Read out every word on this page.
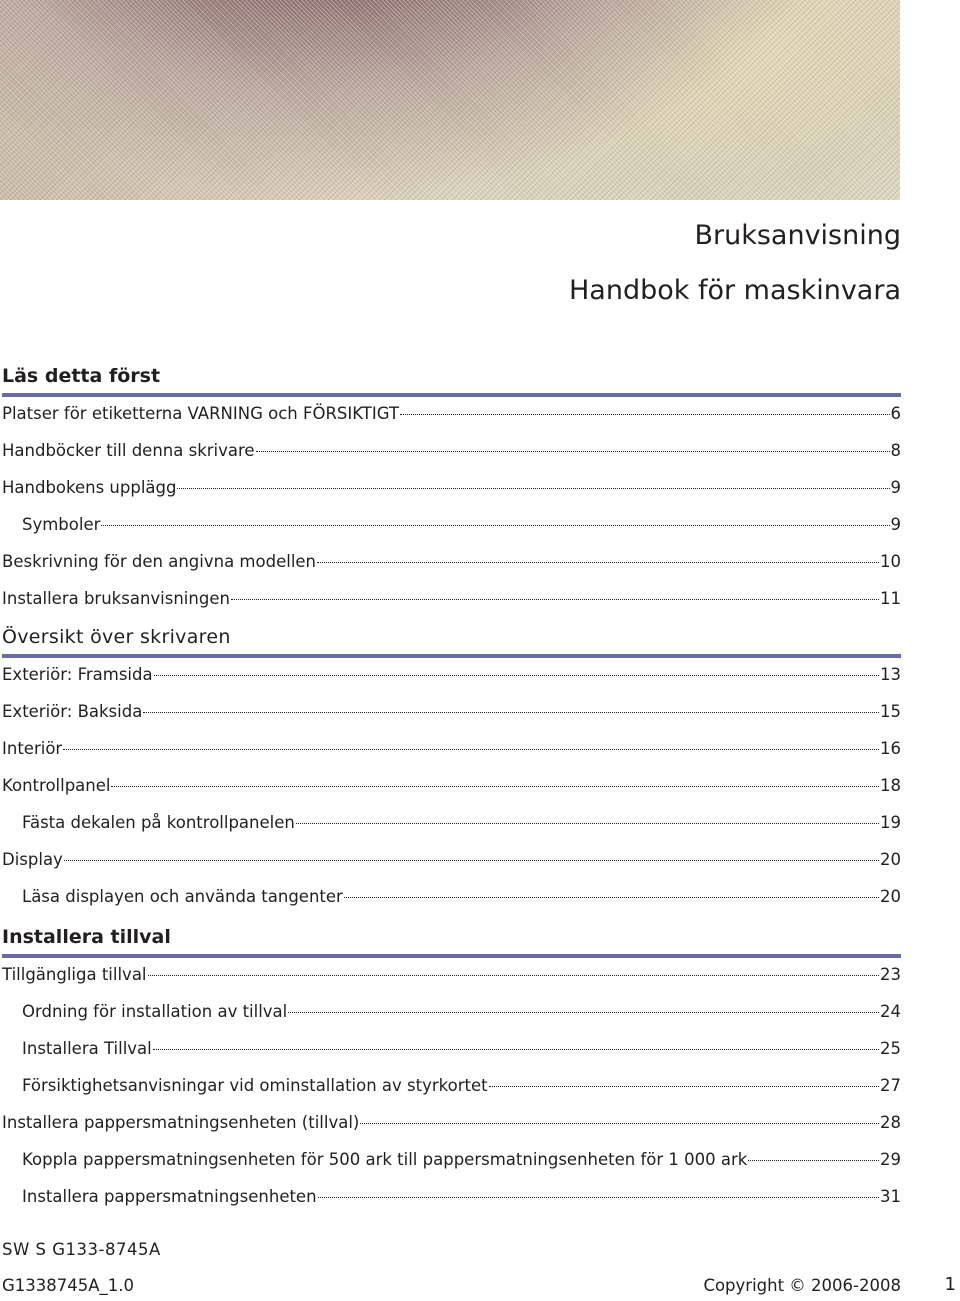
Bruksanvisning
Handbok för maskinvara
Läs detta först
Platser för etiketterna VARNING och FÖRSIKTIGT	6
Handböcker till denna skrivare	8
Handbokens upplägg	9
Symboler	9
Beskrivning för den angivna modellen	10
Installera bruksanvisningen	11
Översikt över skrivaren
Exteriör: Framsida	13
Exteriör: Baksida	15
Interiör	16
Kontrollpanel	18
Fästa dekalen på kontrollpanelen	19
Display	20
Läsa displayen och använda tangenter	20
Installera tillval
Tillgängliga tillval	23
Ordning för installation av tillval	24
Installera Tillval	25
Försiktighetsanvisningar vid ominstallation av styrkortet	27
Installera pappersmatningsenheten (tillval)	28
Koppla pappersmatningsenheten för 500 ark till pappersmatningsenheten för 1 000 ark	29
Installera pappersmatningsenheten	31
SW S G133-8745A
G1338745A_1.0	Copyright © 2006-2008 1
